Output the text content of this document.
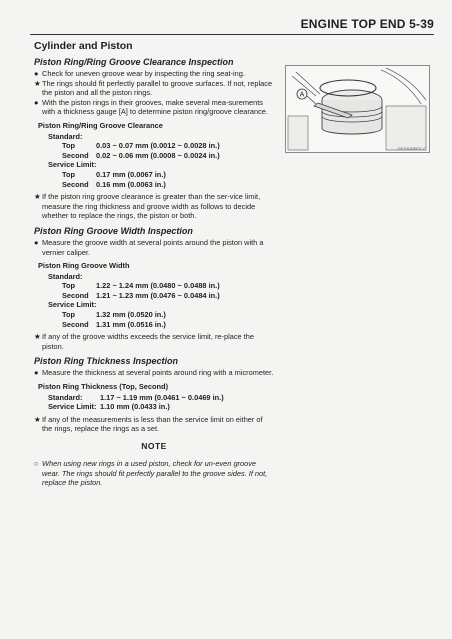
ENGINE TOP END 5-39
Cylinder and Piston
A
GE19182BS1 C
Piston Ring/Ring Groove Clearance Inspection

● Check for uneven groove wear by inspecting the ring seat-ing.

★ The rings should fit perfectly parallel to groove surfaces. If not, replace the piston and all the piston rings.

● With the piston rings in their grooves, make several mea-surements with a thickness gauge [A] to determine piston ring/groove clearance.

Piston Ring/Ring Groove Clearance
Standard:
Top	0.03 ~ 0.07 mm (0.0012 ~ 0.0028 in.)
Second 0.02 ~ 0.06 mm (0.0008 ~ 0.0024 in.)
Service Limit:
Top	0.17 mm (0.0067 in.)
Second 0.16 mm (0.0063 in.)

★ If the piston ring groove clearance is greater than the ser-vice limit, measure the ring thickness and groove width as follows to decide whether to replace the rings, the piston or both.

Piston Ring Groove Width Inspection

● Measure the groove width at several points around the piston with a vernier caliper.

Piston Ring Groove Width
Standard:
Top	1.22 ~ 1.24 mm (0.0480 ~ 0.0488 in.)
Second 1.21 ~ 1.23 mm (0.0476 ~ 0.0484 in.)
Service Limit:
Top	1.32 mm (0.0520 in.)
Second 1.31 mm (0.0516 in.)

★ If any of the groove widths exceeds the service limit, re-place the piston.

Piston Ring Thickness Inspection

● Measure the thickness at several points around ring with a micrometer.

Piston Ring Thickness (Top, Second)
Standard:	1.17 ~ 1.19 mm (0.0461 ~ 0.0469 in.)
Service Limit: 1.10 mm (0.0433 in.)

★ If any of the measurements is less than the service limit on either of the rings, replace the rings as a set.

NOTE

○ When using new rings in a used piston, check for un-even groove wear. The rings should fit perfectly parallel to the groove sides. If not, replace the piston.
